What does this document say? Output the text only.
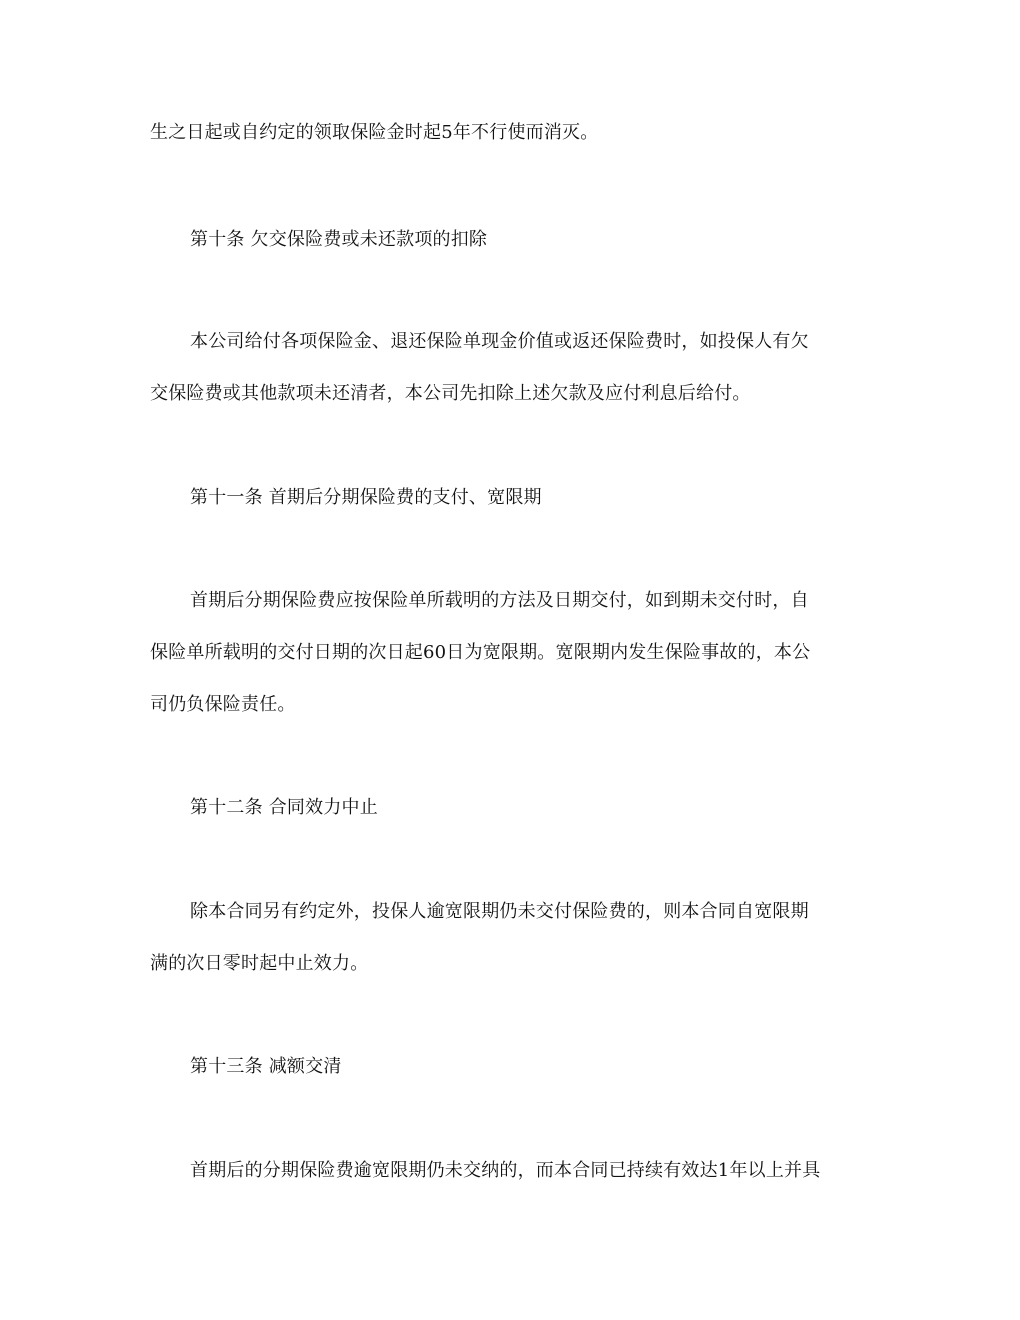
生之日起或自约定的领取保险金时起5年不行使而消灭。
第十条 欠交保险费或未还款项的扣除
本公司给付各项保险金、退还保险单现金价值或返还保险费时，如投保人有欠
交保险费或其他款项未还清者，本公司先扣除上述欠款及应付利息后给付。
第十一条 首期后分期保险费的支付、宽限期
首期后分期保险费应按保险单所载明的方法及日期交付，如到期未交付时，自
保险单所载明的交付日期的次日起60日为宽限期。宽限期内发生保险事故的，本公
司仍负保险责任。
第十二条 合同效力中止
除本合同另有约定外，投保人逾宽限期仍未交付保险费的，则本合同自宽限期
满的次日零时起中止效力。
第十三条 减额交清
首期后的分期保险费逾宽限期仍未交纳的，而本合同已持续有效达1年以上并具
